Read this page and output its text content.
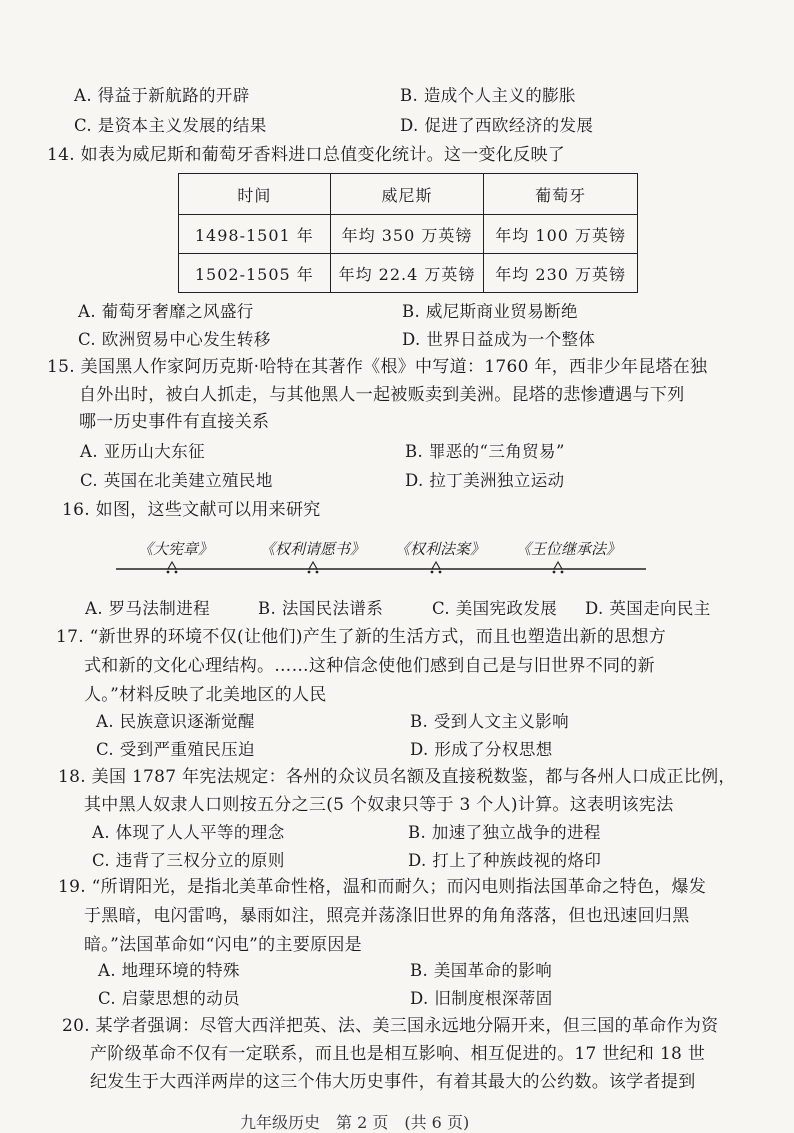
A. 得益于新航路的开辟	B. 造成个人主义的膨胀
C. 是资本主义发展的结果	D. 促进了西欧经济的发展
14. 如表为威尼斯和葡萄牙香料进口总值变化统计。这一变化反映了
时间	威尼斯	葡萄牙
1498-1501 年	年均 350 万英镑	年均 100 万英镑
1502-1505 年	年均 22.4 万英镑	年均 230 万英镑
A. 葡萄牙奢靡之风盛行	B. 威尼斯商业贸易断绝
C. 欧洲贸易中心发生转移	D. 世界日益成为一个整体
15. 美国黑人作家阿历克斯·哈特在其著作《根》中写道：1760 年，西非少年昆塔在独
自外出时，被白人抓走，与其他黑人一起被贩卖到美洲。昆塔的悲惨遭遇与下列
哪一历史事件有直接关系
A. 亚历山大东征	B. 罪恶的“三角贸易”
C. 英国在北美建立殖民地	D. 拉丁美洲独立运动
16. 如图，这些文献可以用来研究
《大宪章》	《权利请愿书》 《权利法案》 《王位继承法》
A. 罗马法制进程	B. 法国民法谱系	C. 美国宪政发展 D. 英国走向民主
17. “新世界的环境不仅(让他们)产生了新的生活方式，而且也塑造出新的思想方
式和新的文化心理结构。……这种信念使他们感到自己是与旧世界不同的新
人。”材料反映了北美地区的人民
A. 民族意识逐渐觉醒	B. 受到人文主义影响
C. 受到严重殖民压迫	D. 形成了分权思想
18. 美国 1787 年宪法规定：各州的众议员名额及直接税数鉴，都与各州人口成正比例，
其中黑人奴隶人口则按五分之三(5 个奴隶只等于 3 个人)计算。这表明该宪法
A. 体现了人人平等的理念	B. 加速了独立战争的进程
C. 违背了三权分立的原则	D. 打上了种族歧视的烙印
19. “所谓阳光，是指北美革命性格，温和而耐久；而闪电则指法国革命之特色，爆发
于黑暗，电闪雷鸣，暴雨如注，照亮并荡涤旧世界的角角落落，但也迅速回归黑
暗。”法国革命如“闪电”的主要原因是
A. 地理环境的特殊	B. 美国革命的影响
C. 启蒙思想的动员	D. 旧制度根深蒂固
20. 某学者强调：尽管大西洋把英、法、美三国永远地分隔开来，但三国的革命作为资
产阶级革命不仅有一定联系，而且也是相互影响、相互促进的。17 世纪和 18 世
纪发生于大西洋两岸的这三个伟大历史事件，有着其最大的公约数。该学者提到
九年级历史　第 2 页　(共 6 页)
